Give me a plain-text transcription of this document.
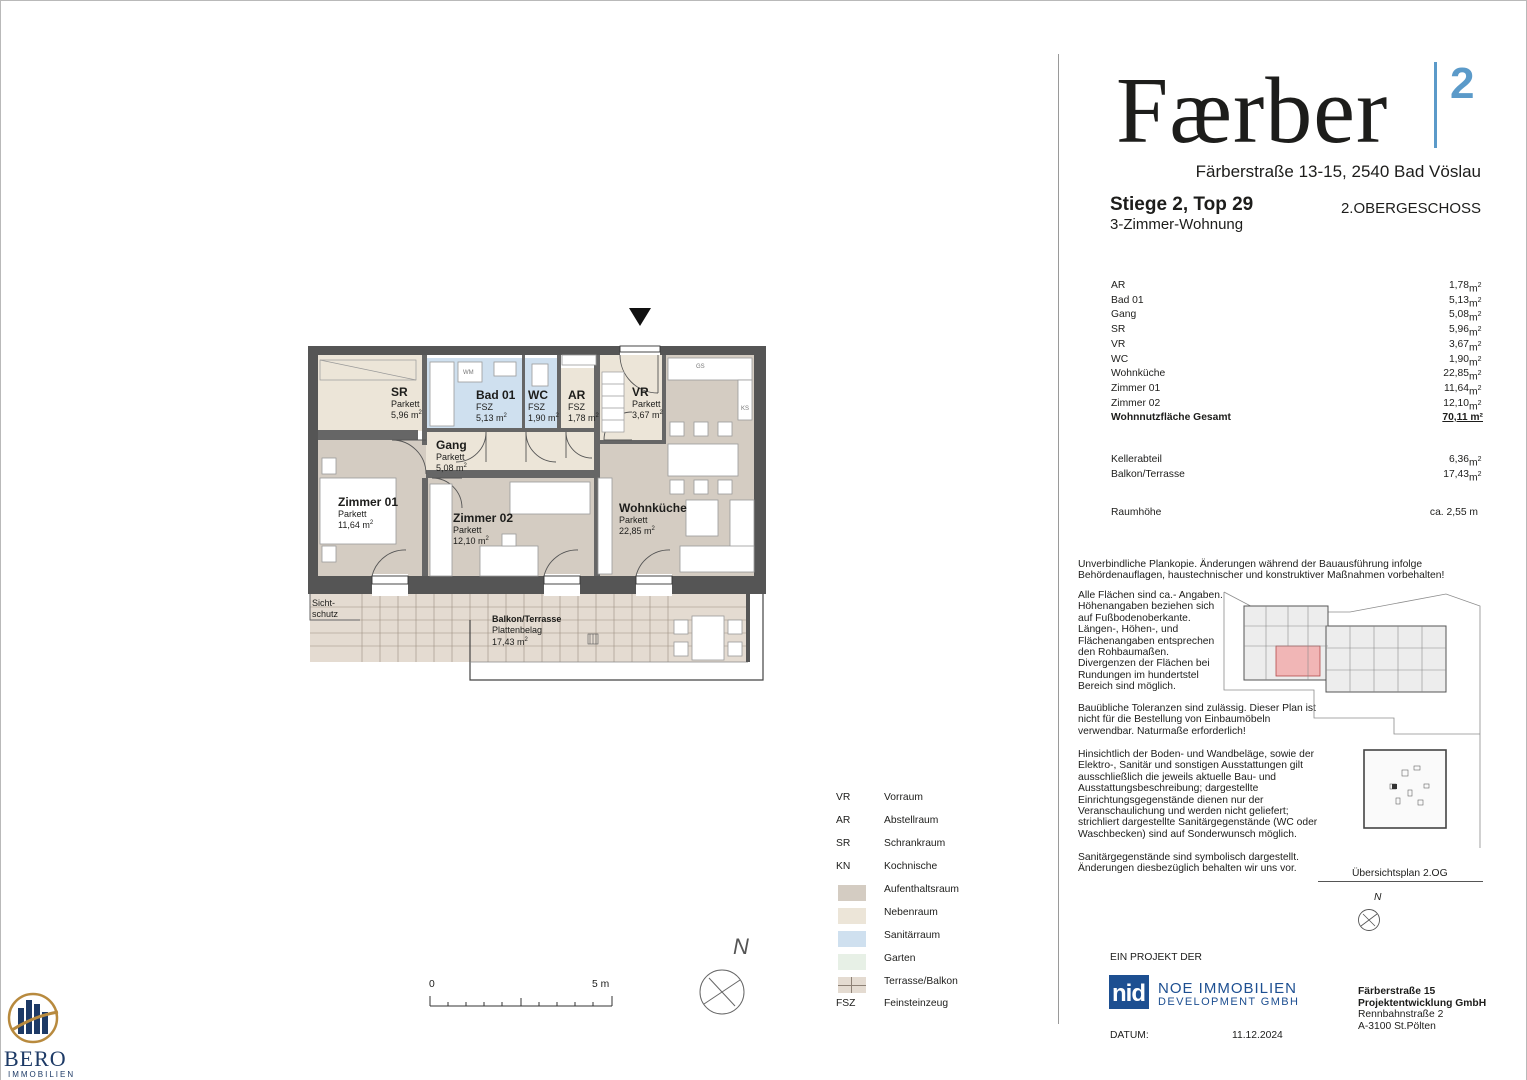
Færber 2
Färberstraße 13-15, 2540 Bad Vöslau
Stiege 2, Top 29
3-Zimmer-Wohnung
2.OBERGESCHOSS
AR	1,78 $m^2$
Bad 01	5,13 $m^2$
Gang	5,08 $m^2$
SR	5,96 $m^2$
VR	3,67 $m^2$
WC	1,90 $m^2$
Wohnküche	22,85 $m^2$
Zimmer 01	11,64 $m^2$
Zimmer 02	12,10 $m^2$
Wohnnutzfläche Gesamt	70,11 m²
Kellerabteil	6,36 $m^2$
Balkon/Terrasse	17,43 $m^2$
Raumhöhe	ca. 2,55 m
Unverbindliche Plankopie. Änderungen während der Bauausführung infolge Behördenauflagen, haustechnischer und konstruktiver Maßnahmen vorbehalten!
Alle Flächen sind ca.- Angaben.
Höhenangaben beziehen sich
auf Fußbodenoberkante.
Längen-, Höhen-, und
Flächenangaben entsprechen
den Rohbaumaßen.
Divergenzen der Flächen bei
Rundungen im hundertstel
Bereich sind möglich.
Bauübliche Toleranzen sind zulässig. Dieser Plan ist
nicht für die Bestellung von Einbaumöbeln
verwendbar. Naturmaße erforderlich!
Hinsichtlich der Boden- und Wandbeläge, sowie der
Elektro-, Sanitär und sonstigen Ausstattungen gilt
ausschließlich die jeweils aktuelle Bau- und
Ausstattungsbeschreibung; dargestellte
Einrichtungsgegenstände dienen nur der
Veranschaulichung und werden nicht geliefert;
strichliert dargestellte Sanitärgegenstände (WC oder
Waschbecken) sind auf Sonderwunsch möglich.
Sanitärgegenstände sind symbolisch dargestellt.
Änderungen diesbezüglich behalten wir uns vor.	Übersichtsplan 2.OG
N
EIN PROJEKT DER
nid NOE IMMOBILIEN
DEVELOPMENT GMBH
Färberstraße 15
Projektentwicklung GmbH
Rennbahnstraße 2
A-3100 St.Pölten
DATUM:	11.12.2024
BERO
IMMOBILIEN
VR	Vorraum
AR	Abstellraum
SR	Schrankraum
KN	Kochnische
Aufenthaltsraum
Nebenraum
Sanitärraum
Garten
Terrasse/Balkon
FSZ	Feinsteinzeug
0	5 m
N
WM
GS
KS
SR
Parkett
5,96 $m^2$
Bad 01
FSZ
5,13 $m^2$
WC
FSZ
1,90 $m^2$
AR
FSZ
1,78 $m^2$
VR
Parkett
3,67 $m^2$
Gang
Parkett
5,08 $m^2$
Zimmer 01
Parkett
11,64 $m^2$	Zimmer 02
Parkett
12,10 $m^2$
Wohnküche
Parkett
22,85 $m^2$
Balkon/Terrasse
Plattenbelag
17,43 $m^2$
Sicht-
schutz
